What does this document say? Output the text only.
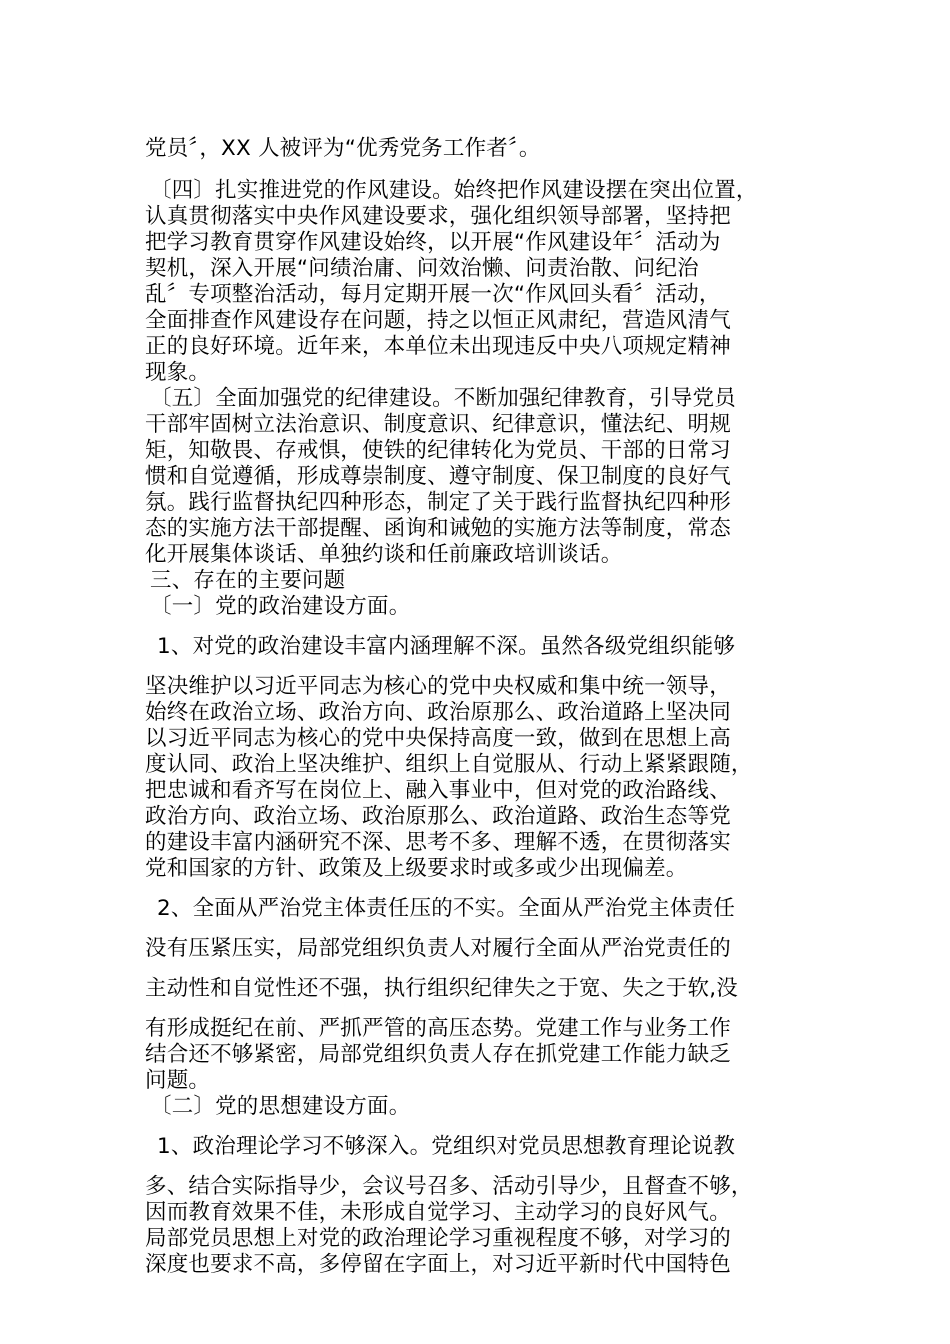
党员〞，XX 人被评为“优秀党务工作者〞。
〔四〕扎实推进党的作风建设。始终把作风建设摆在突出位置，
认真贯彻落实中央作风建设要求，强化组织领导部署，坚持把
把学习教育贯穿作风建设始终，以开展“作风建设年〞活动为
契机，深入开展“问绩治庸、问效治懒、问责治散、问纪治
乱〞专项整治活动，每月定期开展一次“作风回头看〞活动，
全面排查作风建设存在问题，持之以恒正风肃纪，营造风清气
正的良好环境。近年来，本单位未出现违反中央八项规定精神
现象。
〔五〕全面加强党的纪律建设。不断加强纪律教育，引导党员
干部牢固树立法治意识、制度意识、纪律意识，懂法纪、明规
矩，知敬畏、存戒惧，使铁的纪律转化为党员、干部的日常习
惯和自觉遵循，形成尊崇制度、遵守制度、保卫制度的良好气
氛。践行监督执纪四种形态，制定了关于践行监督执纪四种形
态的实施方法干部提醒、函询和诫勉的实施方法等制度，常态
化开展集体谈话、单独约谈和任前廉政培训谈话。
三、存在的主要问题
〔一〕党的政治建设方面。
1、对党的政治建设丰富内涵理解不深。虽然各级党组织能够
坚决维护以习近平同志为核心的党中央权威和集中统一领导，
始终在政治立场、政治方向、政治原那么、政治道路上坚决同
以习近平同志为核心的党中央保持高度一致，做到在思想上高
度认同、政治上坚决维护、组织上自觉服从、行动上紧紧跟随，
把忠诚和看齐写在岗位上、融入事业中，但对党的政治路线、
政治方向、政治立场、政治原那么、政治道路、政治生态等党
的建设丰富内涵研究不深、思考不多、理解不透，在贯彻落实
党和国家的方针、政策及上级要求时或多或少出现偏差。
2、全面从严治党主体责任压的不实。全面从严治党主体责任
没有压紧压实，局部党组织负责人对履行全面从严治党责任的
主动性和自觉性还不强，执行组织纪律失之于宽、失之于软,没
有形成挺纪在前、严抓严管的高压态势。党建工作与业务工作
结合还不够紧密，局部党组织负责人存在抓党建工作能力缺乏
问题。
〔二〕党的思想建设方面。
1、政治理论学习不够深入。党组织对党员思想教育理论说教
多、结合实际指导少，会议号召多、活动引导少，且督查不够，
因而教育效果不佳，未形成自觉学习、主动学习的良好风气。
局部党员思想上对党的政治理论学习重视程度不够，对学习的
深度也要求不高，多停留在字面上，对习近平新时代中国特色
